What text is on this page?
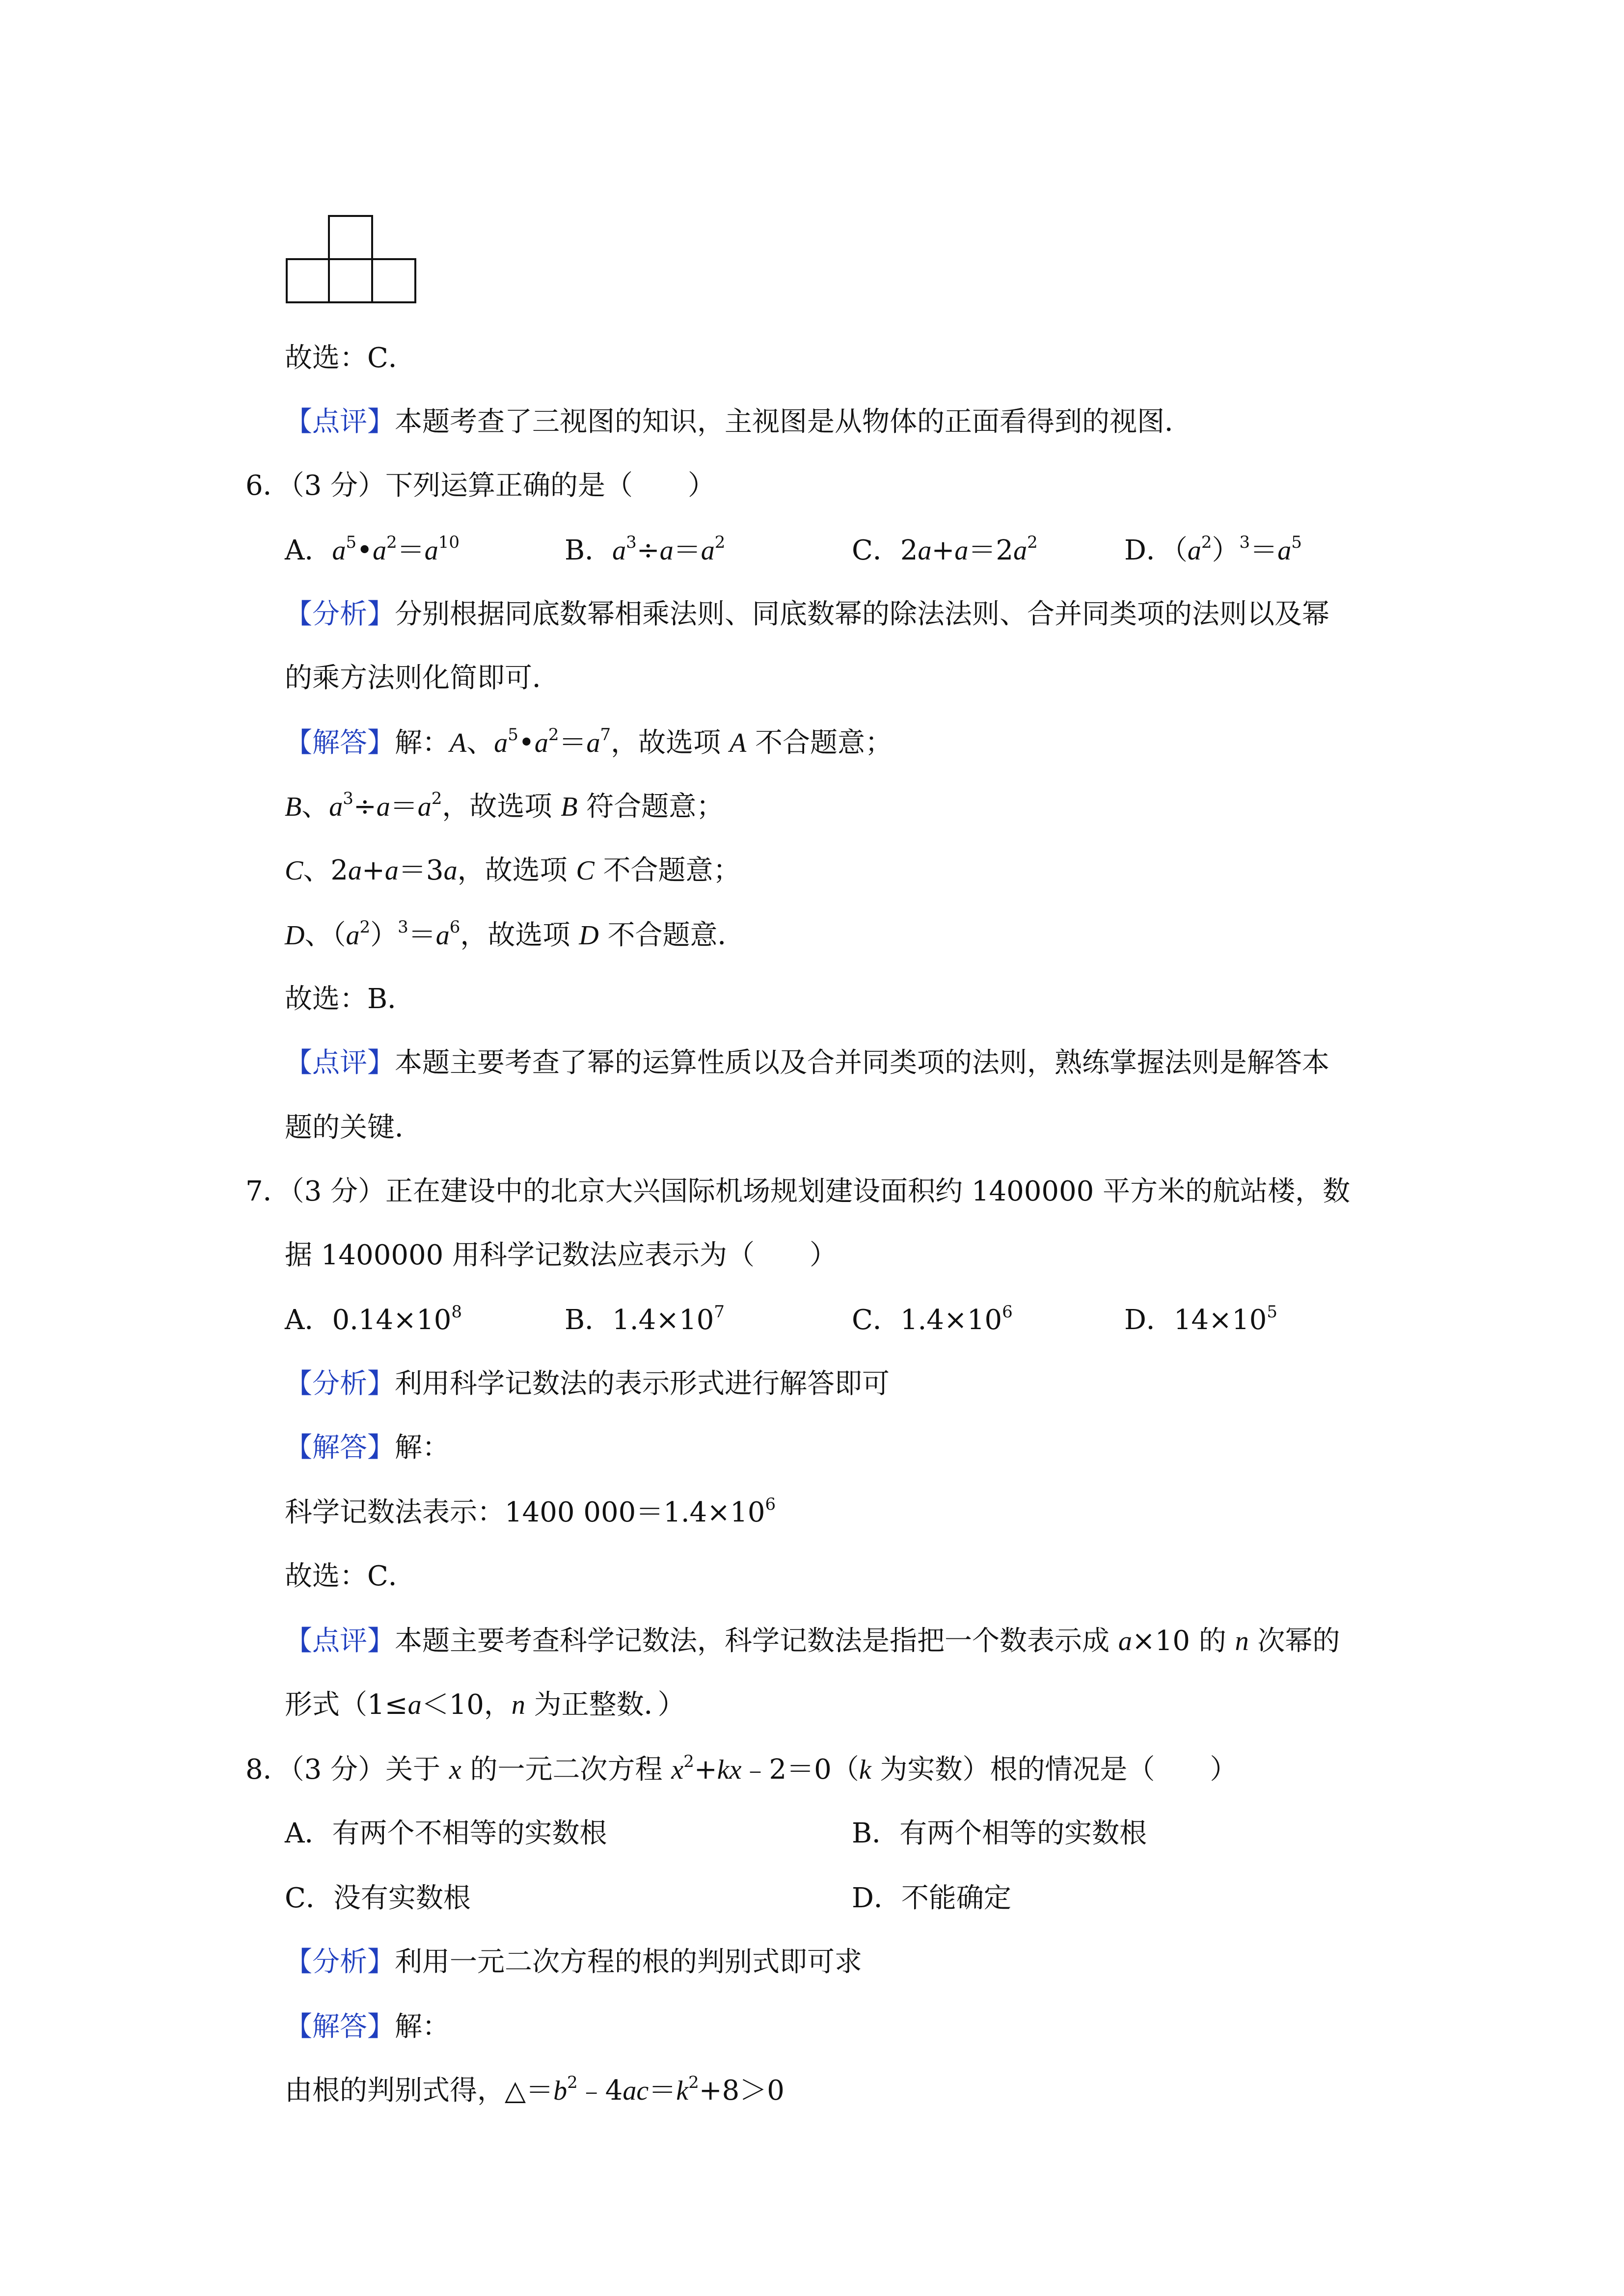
故选：C．
【点评】本题考查了三视图的知识，主视图是从物体的正面看得到的视图．
6．（3 分）下列运算正确的是（　　）
A．$a^5•a^2=a^{10}$	B．$a^3\div a=a^2$	C．$2a+a=2a^2$	D．$(a^2)^3=a^5$
【分析】分别根据同底数幂相乘法则、同底数幂的除法法则、合并同类项的法则以及幂
的乘方法则化简即可．
【解答】解：A、$a^5•a^2=a^7$，故选项 A 不合题意；
B、$a^3\div a=a^2$，故选项 B 符合题意；
C、2a+a＝3a，故选项 C 不合题意；
D、$(a^2)^3=a^6$，故选项 D 不合题意．
故选：B．
【点评】本题主要考查了幂的运算性质以及合并同类项的法则，熟练掌握法则是解答本
题的关键．
7．（3 分）正在建设中的北京大兴国际机场规划建设面积约 1400000 平方米的航站楼，数
据 1400000 用科学记数法应表示为（　　）
A．$0.14\times 10^8$	B．$1.4\times 10^7$	C．$1.4\times 10^6$	D．$14\times 10^5$
【分析】利用科学记数法的表示形式进行解答即可
【解答】解：
科学记数法表示：1400 $000=1.4\times 10^6$
故选：C．
【点评】本题主要考查科学记数法，科学记数法是指把一个数表示成 a×10 的 n 次幂的
形式（1≤a＜10，n 为正整数．）
8．（3 分）关于 x 的一元二次方程 $x^2+kx﹣2=0(k$ 为实数）根的情况是（　　）
A．有两个不相等的实数根	B．有两个相等的实数根
C．没有实数根	D．不能确定
【分析】利用一元二次方程的根的判别式即可求
【解答】解：
由根的判别式得，$\triangle=b^2﹣4ac=k^2+8>0$
